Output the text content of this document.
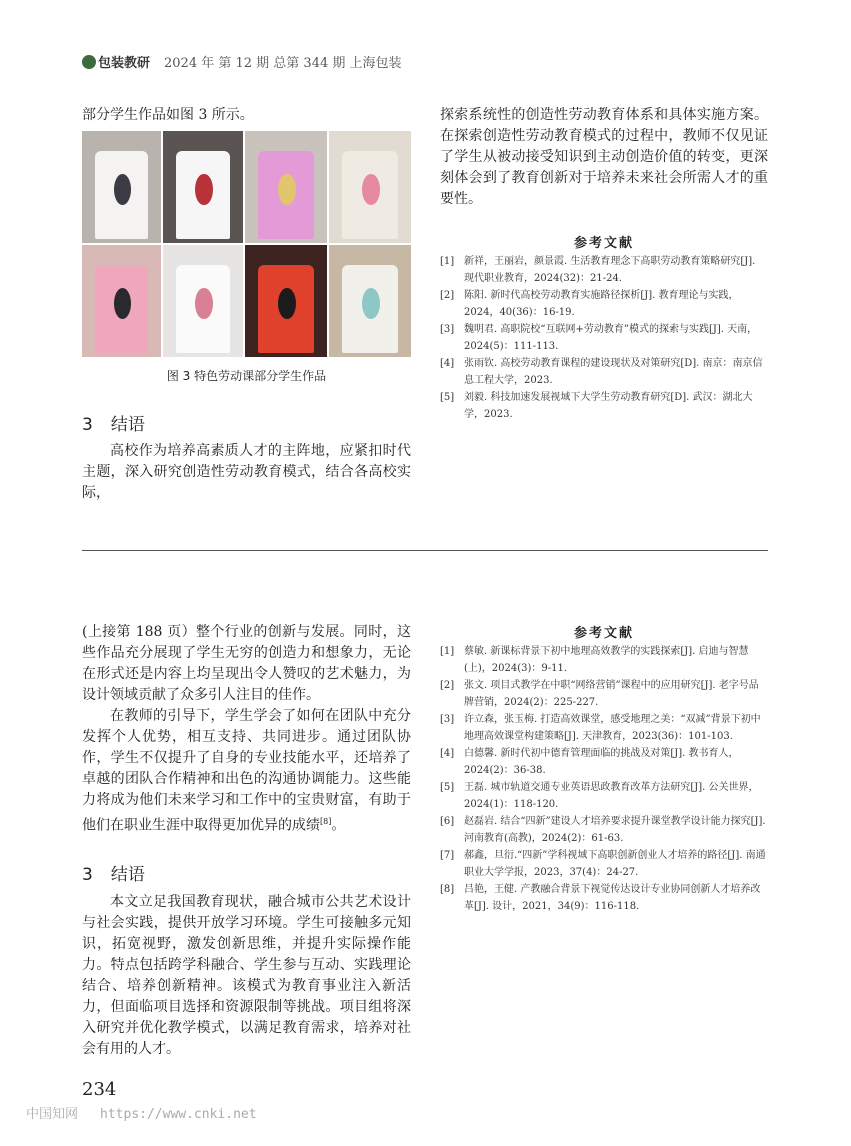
包装教研 2024 年 第 12 期 总第 344 期 上海包装
部分学生作品如图 3 所示。
图 3 特色劳动课部分学生作品
3 结语

高校作为培养高素质人才的主阵地，应紧扣时代主题，深入研究创造性劳动教育模式，结合各高校实际，

探索系统性的创造性劳动教育体系和具体实施方案。在探索创造性劳动教育模式的过程中，教师不仅见证了学生从被动接受知识到主动创造价值的转变，更深刻体会到了教育创新对于培养未来社会所需人才的重要性。

参考文献
[1] 新祥，王丽岩，颜景霞. 生活教育理念下高职劳动教育策略研究[J]. 现代职业教育，2024(32)：21-24.
[2] 陈阳. 新时代高校劳动教育实施路径探析[J]. 教育理论与实践，2024，40(36)：16-19.
[3] 魏明君. 高职院校“互联网+劳动教育”模式的探索与实践[J]. 天南，2024(5)：111-113.
[4] 张雨钦. 高校劳动教育课程的建设现状及对策研究[D]. 南京：南京信息工程大学，2023.
[5] 刘毅. 科技加速发展视域下大学生劳动教育研究[D]. 武汉：湖北大学，2023.

(上接第 188 页）整个行业的创新与发展。同时，这些作品充分展现了学生无穷的创造力和想象力，无论在形式还是内容上均呈现出令人赞叹的艺术魅力，为设计领域贡献了众多引人注目的佳作。

在教师的引导下，学生学会了如何在团队中充分发挥个人优势，相互支持、共同进步。通过团队协作，学生不仅提升了自身的专业技能水平，还培养了卓越的团队合作精神和出色的沟通协调能力。这些能力将成为他们未来学习和工作中的宝贵财富，有助于他们在职业生涯中取得更加优异的成绩[8]。

3 结语

本文立足我国教育现状，融合城市公共艺术设计与社会实践，提供开放学习环境。学生可接触多元知识，拓宽视野，激发创新思维，并提升实际操作能力。特点包括跨学科融合、学生参与互动、实践理论结合、培养创新精神。该模式为教育事业注入新活力，但面临项目选择和资源限制等挑战。项目组将深入研究并优化教学模式，以满足教育需求，培养对社会有用的人才。

参考文献
[1] 蔡敏. 新课标背景下初中地理高效教学的实践探索[J]. 启迪与智慧(上)，2024(3)：9-11.
[2] 张文. 项目式教学在中职“网络营销”课程中的应用研究[J]. 老字号品牌营销，2024(2)：225-227.
[3] 许立森，张玉梅. 打造高效课堂，感受地理之美：“双减”背景下初中地理高效课堂构建策略[J]. 天津教育，2023(36)：101-103.
[4] 白德馨. 新时代初中德育管理面临的挑战及对策[J]. 教书育人，2024(2)：36-38.
[5] 王磊. 城市轨道交通专业英语思政教育改革方法研究[J]. 公关世界，2024(1)：118-120.
[6] 赵磊岩. 结合“四新”建设人才培养要求提升课堂教学设计能力探究[J]. 河南教育(高教)，2024(2)：61-63.
[7] 郝鑫，旦衍.“四新”学科视域下高职创新创业人才培养的路径[J]. 南通职业大学学报，2023，37(4)：24-27.
[8] 吕艳，王健. 产教融合背景下视觉传达设计专业协同创新人才培养改革[J]. 设计，2021，34(9)：116-118.
234
中国知网 https://www.cnki.net
